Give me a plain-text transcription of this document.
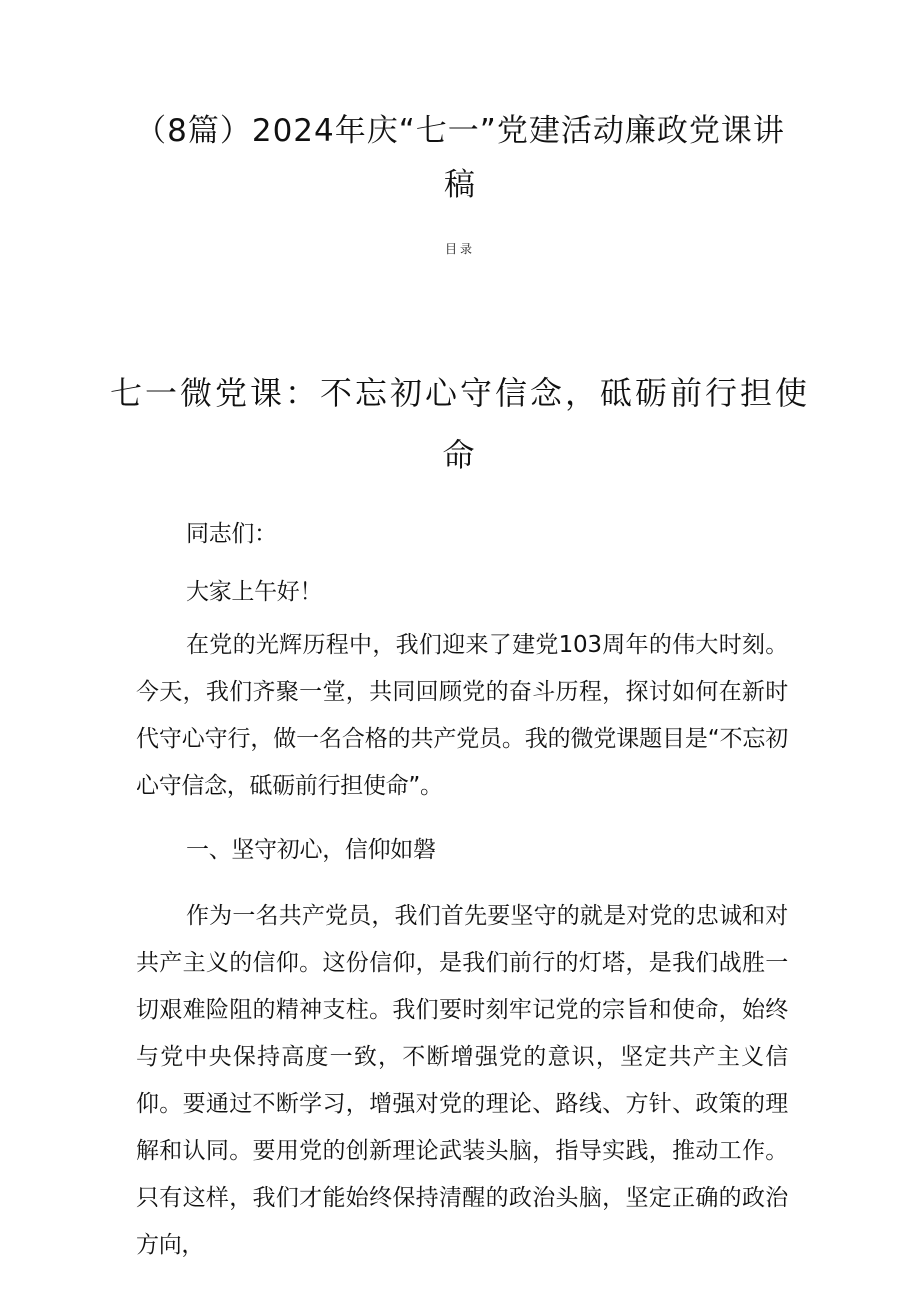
（8篇）2024年庆“七一”党建活动廉政党课讲稿
目录
七一微党课：不忘初心守信念，砥砺前行担使命
同志们：
大家上午好！
在党的光辉历程中，我们迎来了建党103周年的伟大时刻。今天，我们齐聚一堂，共同回顾党的奋斗历程，探讨如何在新时代守心守行，做一名合格的共产党员。我的微党课题目是“不忘初心守信念，砥砺前行担使命”。
一、坚守初心，信仰如磐
作为一名共产党员，我们首先要坚守的就是对党的忠诚和对共产主义的信仰。这份信仰，是我们前行的灯塔，是我们战胜一切艰难险阻的精神支柱。我们要时刻牢记党的宗旨和使命，始终与党中央保持高度一致，不断增强党的意识，坚定共产主义信仰。要通过不断学习，增强对党的理论、路线、方针、政策的理解和认同。要用党的创新理论武装头脑，指导实践，推动工作。只有这样，我们才能始终保持清醒的政治头脑，坚定正确的政治方向，
